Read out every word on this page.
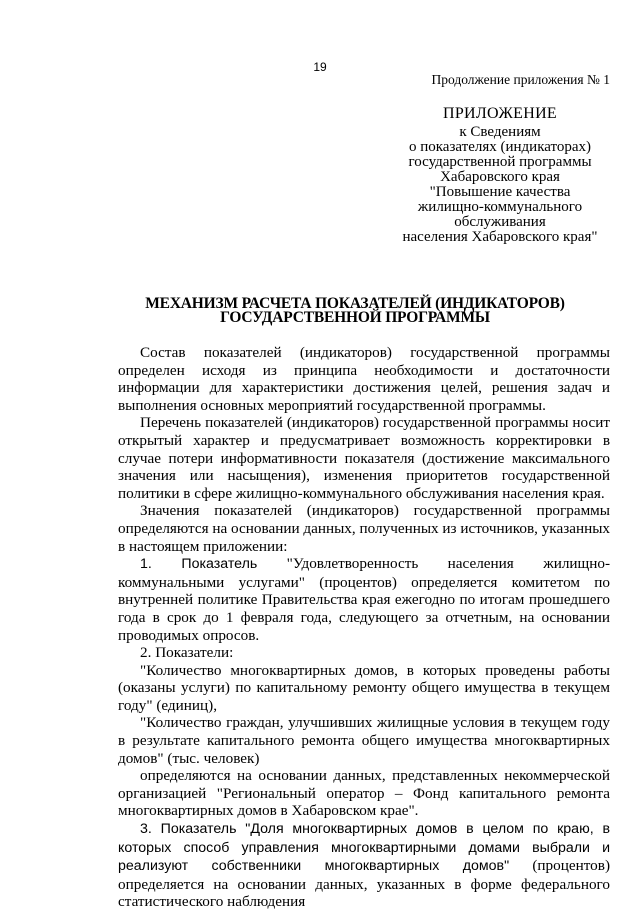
19
Продолжение приложения № 1
ПРИЛОЖЕНИЕ
к Сведениям
о показателях (индикаторах)
государственной программы
Хабаровского края
"Повышение качества
жилищно-коммунального
обслуживания
населения Хабаровского края"
МЕХАНИЗМ РАСЧЕТА ПОКАЗАТЕЛЕЙ (ИНДИКАТОРОВ)
ГОСУДАРСТВЕННОЙ ПРОГРАММЫ

Состав показателей (индикаторов) государственной программы определен исходя из принципа необходимости и достаточности информации для характеристики достижения целей, решения задач и выполнения основных мероприятий государственной программы.

Перечень показателей (индикаторов) государственной программы носит открытый характер и предусматривает возможность корректировки в случае потери информативности показателя (достижение максимального значения или насыщения), изменения приоритетов государственной политики в сфере жилищно-коммунального обслуживания населения края.

Значения показателей (индикаторов) государственной программы определяются на основании данных, полученных из источников, указанных в настоящем приложении:

1. Показатель "Удовлетворенность населения жилищно-коммунальными услугами" (процентов) определяется комитетом по внутренней политике Правительства края ежегодно по итогам прошедшего года в срок до 1 февраля года, следующего за отчетным, на основании проводимых опросов.

2. Показатели:

"Количество многоквартирных домов, в которых проведены работы (оказаны услуги) по капитальному ремонту общего имущества в текущем году" (единиц),

"Количество граждан, улучшивших жилищные условия в текущем году в результате капитального ремонта общего имущества многоквартирных домов" (тыс. человек)

определяются на основании данных, представленных некоммерческой организацией "Региональный оператор – Фонд капитального ремонта многоквартирных домов в Хабаровском крае".

3. Показатель "Доля многоквартирных домов в целом по краю, в которых способ управления многоквартирными домами выбрали и реализуют собственники многоквартирных домов" (процентов) определяется на основании данных, указанных в форме федерального статистического наблюдения
